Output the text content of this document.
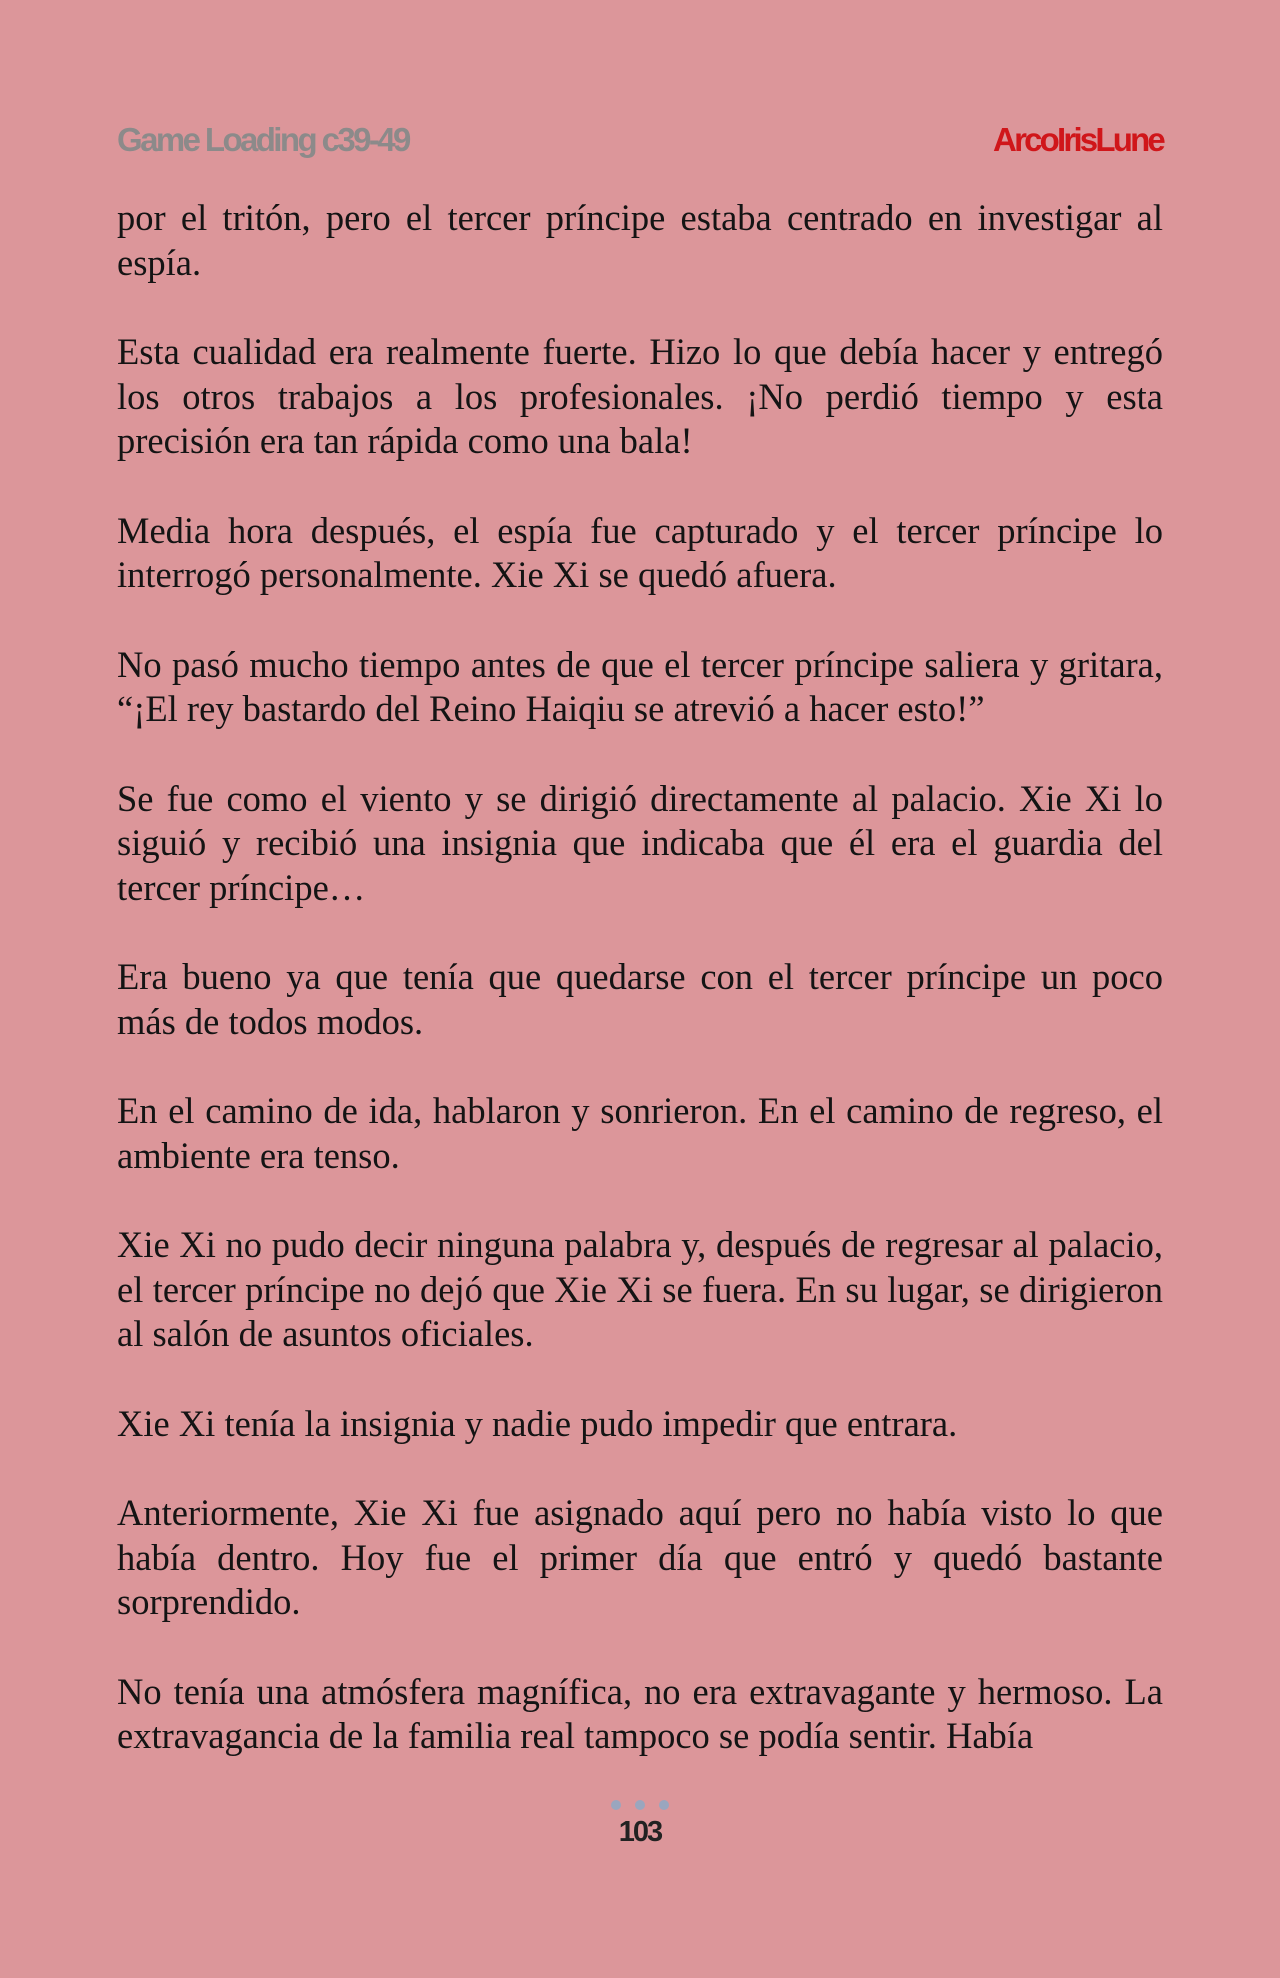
Game Loading c39-49	ArcoIrisLune

por el tritón, pero el tercer príncipe estaba centrado en investigar al espía.

Esta cualidad era realmente fuerte. Hizo lo que debía hacer y entregó los otros trabajos a los profesionales. ¡No perdió tiempo y esta precisión era tan rápida como una bala!

Media hora después, el espía fue capturado y el tercer príncipe lo interrogó personalmente. Xie Xi se quedó afuera.

No pasó mucho tiempo antes de que el tercer príncipe saliera y gritara, “¡El rey bastardo del Reino Haiqiu se atrevió a hacer esto!”

Se fue como el viento y se dirigió directamente al palacio. Xie Xi lo siguió y recibió una insignia que indicaba que él era el guardia del tercer príncipe…

Era bueno ya que tenía que quedarse con el tercer príncipe un poco más de todos modos.

En el camino de ida, hablaron y sonrieron. En el camino de regreso, el ambiente era tenso.

Xie Xi no pudo decir ninguna palabra y, después de regresar al palacio, el tercer príncipe no dejó que Xie Xi se fuera. En su lugar, se dirigieron al salón de asuntos oficiales.

Xie Xi tenía la insignia y nadie pudo impedir que entrara.

Anteriormente, Xie Xi fue asignado aquí pero no había visto lo que había dentro. Hoy fue el primer día que entró y quedó bastante sorprendido.

No tenía una atmósfera magnífica, no era extravagante y hermoso. La extravagancia de la familia real tampoco se podía sentir. Había

103
